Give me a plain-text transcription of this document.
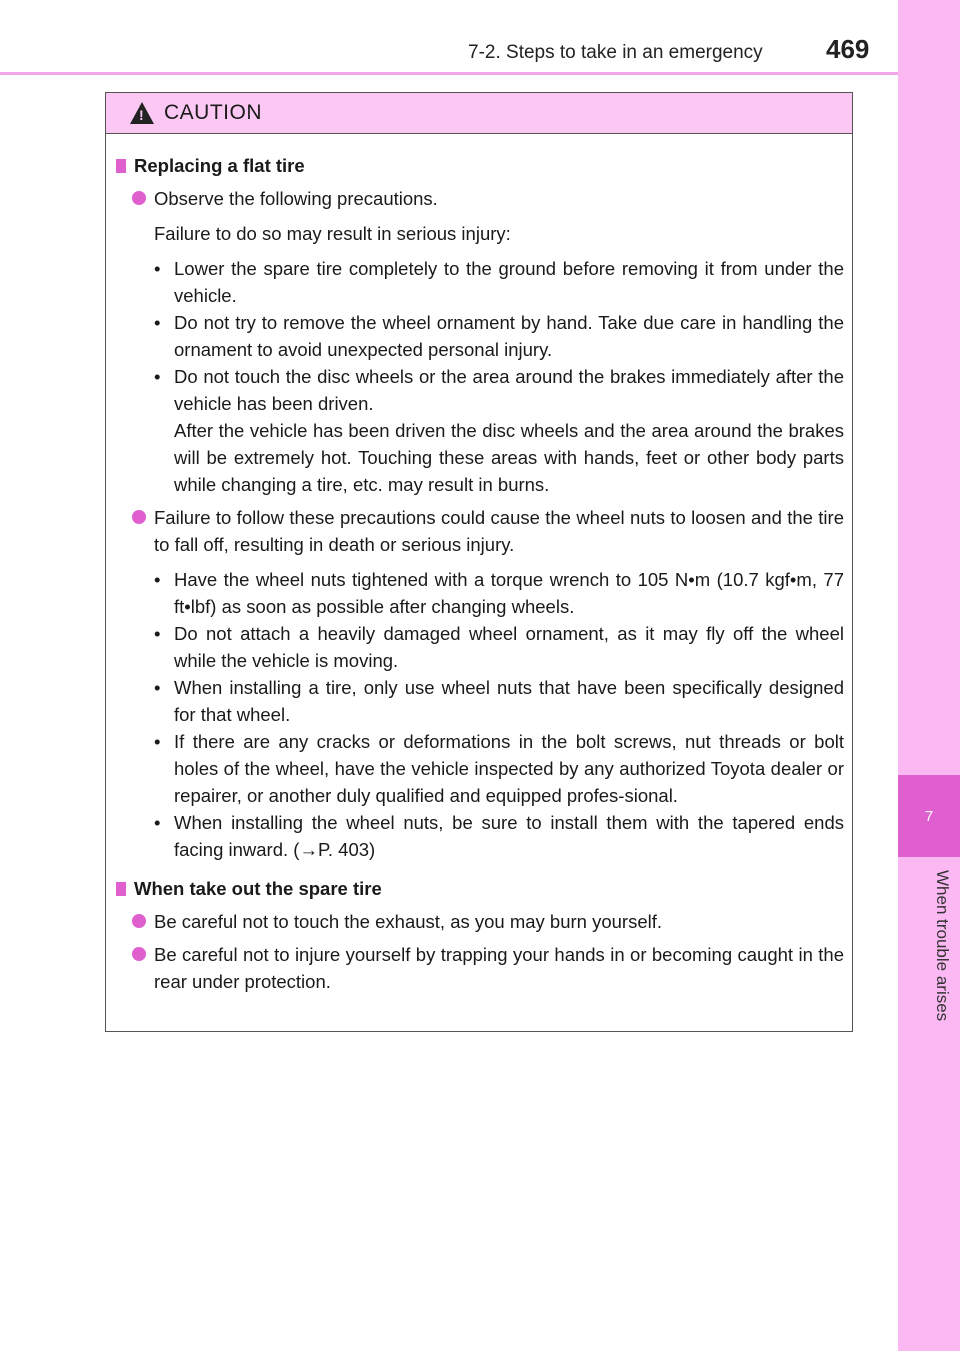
7-2. Steps to take in an emergency 469
7
When trouble arises
!
CAUTION
Replacing a flat tire
Observe the following precautions.
Failure to do so may result in serious injury:
• Lower the spare tire completely to the ground before removing it from under the vehicle.
• Do not try to remove the wheel ornament by hand. Take due care in handling the ornament to avoid unexpected personal injury.
• Do not touch the disc wheels or the area around the brakes immediately after the vehicle has been driven.

After the vehicle has been driven the disc wheels and the area around the brakes will be extremely hot. Touching these areas with hands, feet or other body parts while changing a tire, etc. may result in burns.

Failure to follow these precautions could cause the wheel nuts to loosen and the tire to fall off, resulting in death or serious injury.
• Have the wheel nuts tightened with a torque wrench to 105 N•m (10.7 kgf•m, 77 ft•lbf) as soon as possible after changing wheels.
• Do not attach a heavily damaged wheel ornament, as it may fly off the wheel while the vehicle is moving.
• When installing a tire, only use wheel nuts that have been specifically designed for that wheel.
• If there are any cracks or deformations in the bolt screws, nut threads or bolt holes of the wheel, have the vehicle inspected by any authorized Toyota dealer or repairer, or another duly qualified and equipped profes-sional.
• When installing the wheel nuts, be sure to install them with the tapered ends facing inward. (→P. 403)
When take out the spare tire
Be careful not to touch the exhaust, as you may burn yourself.
Be careful not to injure yourself by trapping your hands in or becoming caught in the rear under protection.
